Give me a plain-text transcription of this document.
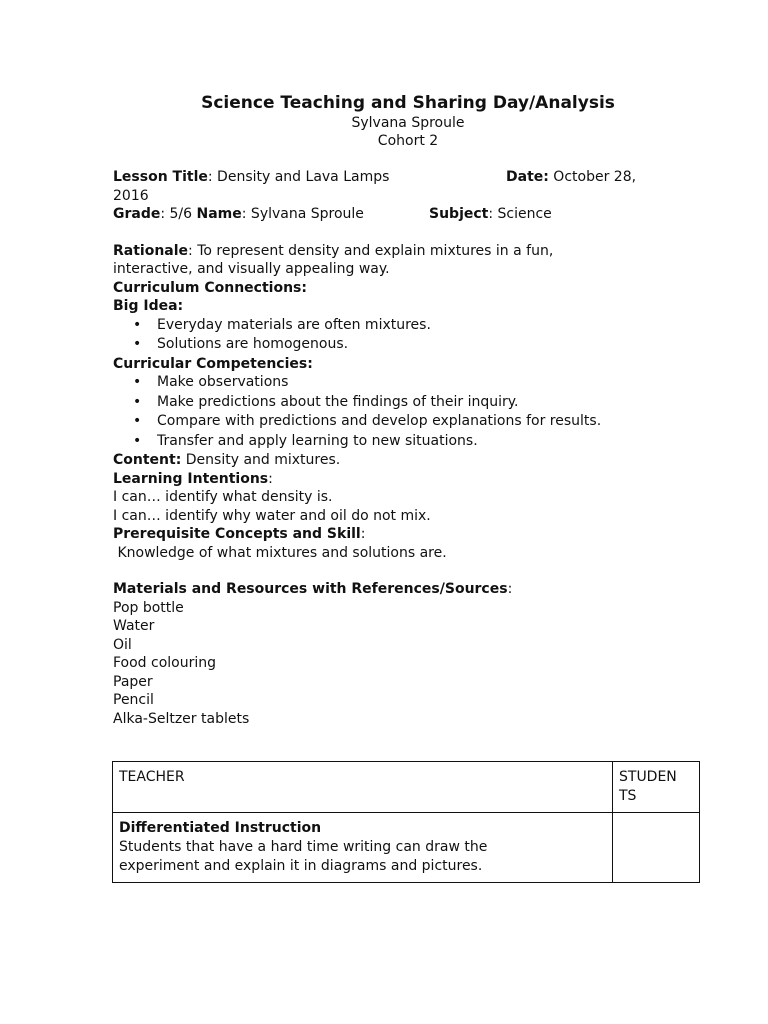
Science Teaching and Sharing Day/Analysis
Sylvana Sproule
Cohort 2
Lesson Title: Density and Lava Lamps	Date: October 28,
2016
Grade: 5/6 Name: Sylvana Sproule	Subject: Science
Rationale: To represent density and explain mixtures in a fun,
interactive, and visually appealing way.
Curriculum Connections:
Big Idea:
• Everyday materials are often mixtures.
• Solutions are homogenous.
Curricular Competencies:
• Make observations
• Make predictions about the findings of their inquiry.
• Compare with predictions and develop explanations for results.
• Transfer and apply learning to new situations.
Content: Density and mixtures.
Learning Intentions:
I can… identify what density is.
I can… identify why water and oil do not mix.
Prerequisite Concepts and Skill:
Knowledge of what mixtures and solutions are.
Materials and Resources with References/Sources:
Pop bottle
Water
Oil
Food colouring
Paper
Pencil
Alka-Seltzer tablets
TEACHER	STUDEN
TS

Differentiated Instruction
Students that have a hard time writing can draw the
experiment and explain it in diagrams and pictures.	
